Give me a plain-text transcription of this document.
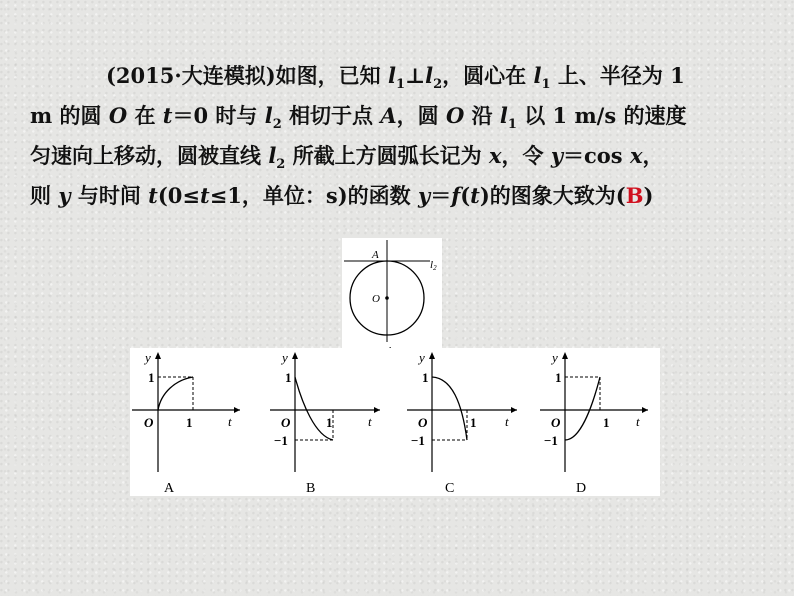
(2015·大连模拟)如图，已知 $l_1\perp l_2$，圆心在 $l_1$ 上、半径为 1
m 的圆 O 在 t＝0 时与 $l_2$ 相切于点 A，圆 O 沿 $l_1$ 以 1 m/s 的速度
匀速向上移动，圆被直线 $l_2$ 所截上方圆弧长记为 x，令 y＝cos x，
则 y 与时间 t(0≤t≤1，单位：s)的函数 y＝f(t)的图象大致为(B)
A
O
l2
y
t
O
1
1
A
y
t
O
1
−1
1
B
y
t
O
1
−1
1
C
y
t
O
1
−1
1
D
